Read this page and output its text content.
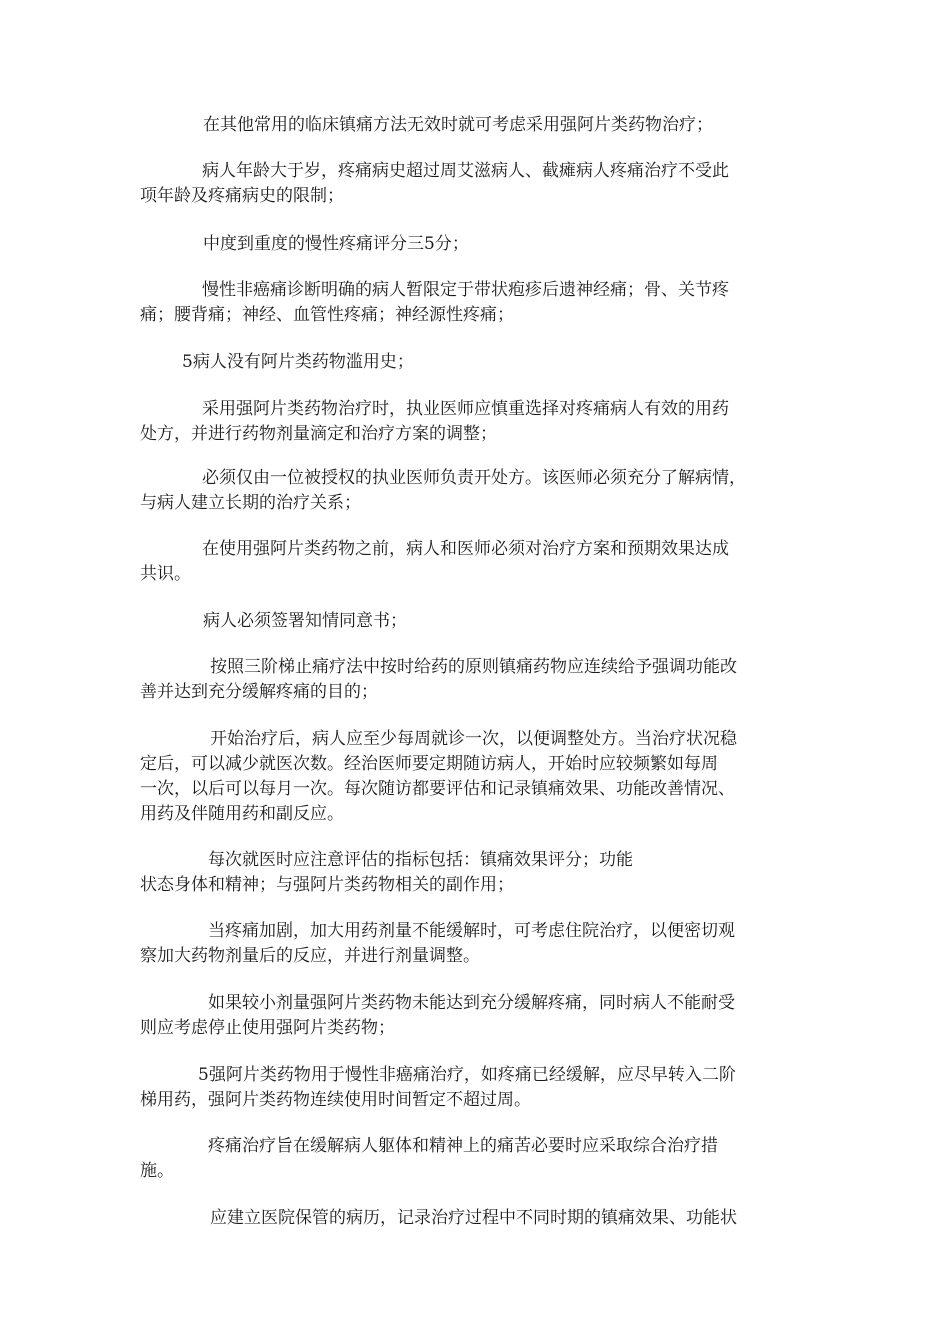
在其他常用的临床镇痛方法无效时就可考虑采用强阿片类药物治疗；

病人年龄大于岁，疼痛病史超过周艾滋病人、截瘫病人疼痛治疗不受此
项年龄及疼痛病史的限制；

中度到重度的慢性疼痛评分三5分；

慢性非癌痛诊断明确的病人暂限定于带状疱疹后遗神经痛；骨、关节疼
痛；腰背痛；神经、血管性疼痛；神经源性疼痛；

5病人没有阿片类药物滥用史；

采用强阿片类药物治疗时，执业医师应慎重选择对疼痛病人有效的用药
处方，并进行药物剂量滴定和治疗方案的调整；

必须仅由一位被授权的执业医师负责开处方。该医师必须充分了解病情，
与病人建立长期的治疗关系；

在使用强阿片类药物之前，病人和医师必须对治疗方案和预期效果达成
共识。

病人必须签署知情同意书；

按照三阶梯止痛疗法中按时给药的原则镇痛药物应连续给予强调功能改
善并达到充分缓解疼痛的目的；

开始治疗后，病人应至少每周就诊一次，以便调整处方。当治疗状况稳
定后，可以减少就医次数。经治医师要定期随访病人，开始时应较频繁如每周
一次，以后可以每月一次。每次随访都要评估和记录镇痛效果、功能改善情况、
用药及伴随用药和副反应。

每次就医时应注意评估的指标包括：镇痛效果评分；功能
状态身体和精神；与强阿片类药物相关的副作用；

当疼痛加剧，加大用药剂量不能缓解时，可考虑住院治疗，以便密切观
察加大药物剂量后的反应，并进行剂量调整。

如果较小剂量强阿片类药物未能达到充分缓解疼痛，同时病人不能耐受
则应考虑停止使用强阿片类药物；

5强阿片类药物用于慢性非癌痛治疗，如疼痛已经缓解，应尽早转入二阶
梯用药，强阿片类药物连续使用时间暂定不超过周。

疼痛治疗旨在缓解病人躯体和精神上的痛苦必要时应采取综合治疗措
施。

应建立医院保管的病历，记录治疗过程中不同时期的镇痛效果、功能状
